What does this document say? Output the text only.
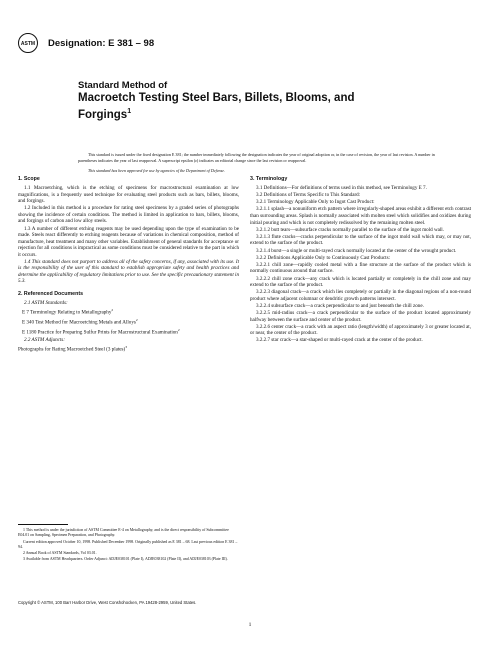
ASTM Designation: E 381 – 98
Standard Method of
Macroetch Testing Steel Bars, Billets, Blooms, and
Forgings$^1$

This standard is issued under the fixed designation E 381; the number immediately following the designation indicates the year of original adoption or, in the case of revision, the year of last revision. A number in parentheses indicates the year of last reapproval. A superscript epsilon (ε) indicates an editorial change since the last revision or reapproval.

This standard has been approved for use by agencies of the Department of Defense.

1. Scope

1.1 Macroetching, which is the etching of specimens for macrostructural examination at low magnifications, is a frequently used technique for evaluating steel products such as bars, billets, blooms, and forgings.

1.2 Included in this method is a procedure for rating steel specimens by a graded series of photographs showing the incidence of certain conditions. The method is limited in application to bars, billets, blooms, and forgings of carbon and low alloy steels.

1.3 A number of different etching reagents may be used depending upon the type of examination to be made. Steels react differently to etching reagents because of variations in chemical composition, method of manufacture, heat treatment and many other variables. Establishment of general standards for acceptance or rejection for all conditions is impractical as some conditions must be considered relative to the part in which it occurs.

1.4 This standard does not purport to address all of the safety concerns, if any, associated with its use. It is the responsibility of the user of this standard to establish appropriate safety and health practices and determine the applicability of regulatory limitations prior to use. See the specific precautionary statement in 5.3.

2. Referenced Documents

2.1 ASTM Standards:

E 7 Terminology Relating to Metallography$^2$

E 340 Test Method for Macroetching Metals and Alloys$^2$

E 1180 Practice for Preparing Sulfur Prints for Macrostructural Examination$^2$

2.2 ASTM Adjuncts:

Photographs for Rating Macroetched Steel (3 plates)$^3$

1 This method is under the jurisdiction of ASTM Committee E-4 on Metallography, and is the direct responsibility of Subcommittee E04.01 on Sampling, Specimen Preparation, and Photography.

Current edition approved October 10, 1998. Published December 1998. Originally published as E 381 – 68. Last previous edition E 381 – 94.

2 Annual Book of ASTM Standards, Vol 03.01.

3 Available from ASTM Headquarters. Order Adjunct: ADJE038101 (Plate I), ADJE038102 (Plate II), and ADJE038103 (Plate III).

3. Terminology

3.1 Definitions—For definitions of terms used in this method, see Terminology E 7.

3.2 Definitions of Terms Specific to This Standard:

3.2.1 Terminology Applicable Only to Ingot Cast Product:

3.2.1.1 splash—a nonuniform etch pattern where irregularly-shaped areas exhibit a different etch contrast than surrounding areas. Splash is normally associated with molten steel which solidifies and oxidizes during initial pouring and which is not completely redissolved by the remaining molten steel.

3.2.1.2 butt tears—subsurface cracks normally parallel to the surface of the ingot mold wall.

3.2.1.3 flute cracks—cracks perpendicular to the surface of the ingot mold wall which may, or may not, extend to the surface of the product.

3.2.1.4 burst—a single or multi-rayed crack normally located at the center of the wrought product.

3.2.2 Definitions Applicable Only to Continuously Cast Products:

3.2.2.1 chill zone—rapidly cooled metal with a fine structure at the surface of the product which is normally continuous around that surface.

3.2.2.2 chill zone crack—any crack which is located partially or completely in the chill zone and may extend to the surface of the product.

3.2.2.3 diagonal crack—a crack which lies completely or partially in the diagonal regions of a non-round product where adjacent columnar or dendritic growth patterns intersect.

3.2.2.4 subsurface crack—a crack perpendicular to and just beneath the chill zone.

3.2.2.5 mid-radius crack—a crack perpendicular to the surface of the product located approximately halfway between the surface and center of the product.

3.2.2.6 center crack—a crack with an aspect ratio (length/width) of approximately 3 or greater located at, or near, the center of the product.

3.2.2.7 star crack—a star-shaped or multi-rayed crack at the center of the product.

Copyright © ASTM, 100 Barr Harbor Drive, West Conshohocken, PA 19428-2959, United States.
1
